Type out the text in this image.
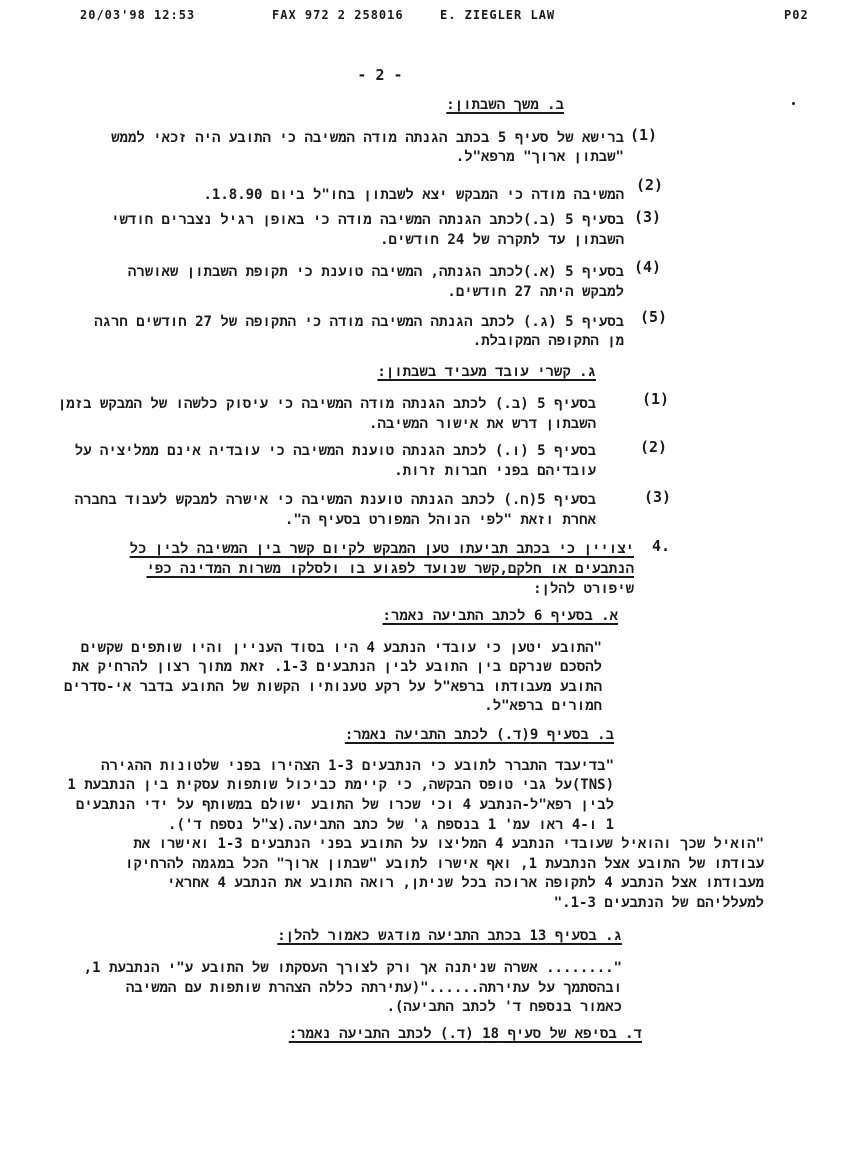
20/03'98 12:53	FAX 972 2 258016	E. ZIEGLER LAW	P02
- 2 -
ב. משך השבתון:
(1)
ברישא של סעיף 5 בכתב הגנתה מודה המשיבה כי התובע היה זכאי לממש
"שבתון ארוך" מרפא"ל.
(2)
המשיבה מודה כי המבקש יצא לשבתון בחו"ל ביום 1.8.90.
(3)
בסעיף 5 (ב.)לכתב הגנתה המשיבה מודה כי באופן רגיל נצברים חודשי
השבתון עד לתקרה של 24 חודשים.
(4)
בסעיף 5 (א.)לכתב הגנתה, המשיבה טוענת כי תקופת השבתון שאושרה
למבקש היתה 27 חודשים.
(5)
בסעיף 5 (ג.) לכתב הגנתה המשיבה מודה כי התקופה של 27 חודשים חרגה
מן התקופה המקובלת.
ג. קשרי עובד מעביד בשבתון:
(1)
בסעיף 5 (ב.) לכתב הגנתה מודה המשיבה כי עיסוק כלשהו של המבקש בזמן
השבתון דרש את אישור המשיבה.
(2)
בסעיף 5 (ו.) לכתב הגנתה טוענת המשיבה כי עובדיה אינם ממליציה על
עובדיהם בפני חברות זרות.
(3)
בסעיף 5(ח.) לכתב הגנתה טוענת המשיבה כי אישרה למבקש לעבוד בחברה
אחרת וזאת "לפי הנוהל המפורט בסעיף ה".
4.
יצויין כי בכתב תביעתו טען המבקש לקיום קשר בין המשיבה לבין כל
הנתבעים או חלקם,קשר שנועד לפגוע בו ולסלקו משרות המדינה כפי
שיפורט להלן:
א. בסעיף 6 לכתב התביעה נאמר:
"התובע יטען כי עובדי הנתבע 4 היו בסוד העניין והיו שותפים שקשים
להסכם שנרקם בין התובע לבין הנתבעים 1-3. זאת מתוך רצון להרחיק את
התובע מעבודתו ברפא"ל על רקע טענותיו הקשות של התובע בדבר אי-סדרים
חמורים ברפא"ל.
ב. בסעיף 9(ד.) לכתב התביעה נאמר:
"בדיעבד התברר לתובע כי הנתבעים 1-3 הצהירו בפני שלטונות ההגירה
(TNS)על גבי טופס הבקשה, כי קיימת כביכול שותפות עסקית בין הנתבעת 1
לבין רפא"ל-הנתבע 4 וכי שכרו של התובע ישולם במשותף על ידי הנתבעים
1 ו-4 ראו עמ' 1 בנספח ג' של כתב התביעה.(צ"ל נספח ד').
"הואיל שכך והואיל שעובדי הנתבע 4 המליצו על התובע בפני הנתבעים 1-3 ואישרו את
עבודתו של התובע אצל הנתבעת 1, ואף אישרו לתובע "שבתון ארוך" הכל במגמה להרחיקו
מעבודתו אצל הנתבע 4 לתקופה ארוכה בכל שניתן, רואה התובע את הנתבע 4 אחראי
למעלליהם של הנתבעים 1-3."
ג. בסעיף 13 בכתב התביעה מודגש כאמור להלן:
"........ אשרה שניתנה אך ורק לצורך העסקתו של התובע ע"י הנתבעת 1,
ובהסתמך על עתירתה......"(עתירתה כללה הצהרת שותפות עם המשיבה
כאמור בנספח ד' לכתב התביעה).
ד. בסיפא של סעיף 18 (ד.) לכתב התביעה נאמר:
